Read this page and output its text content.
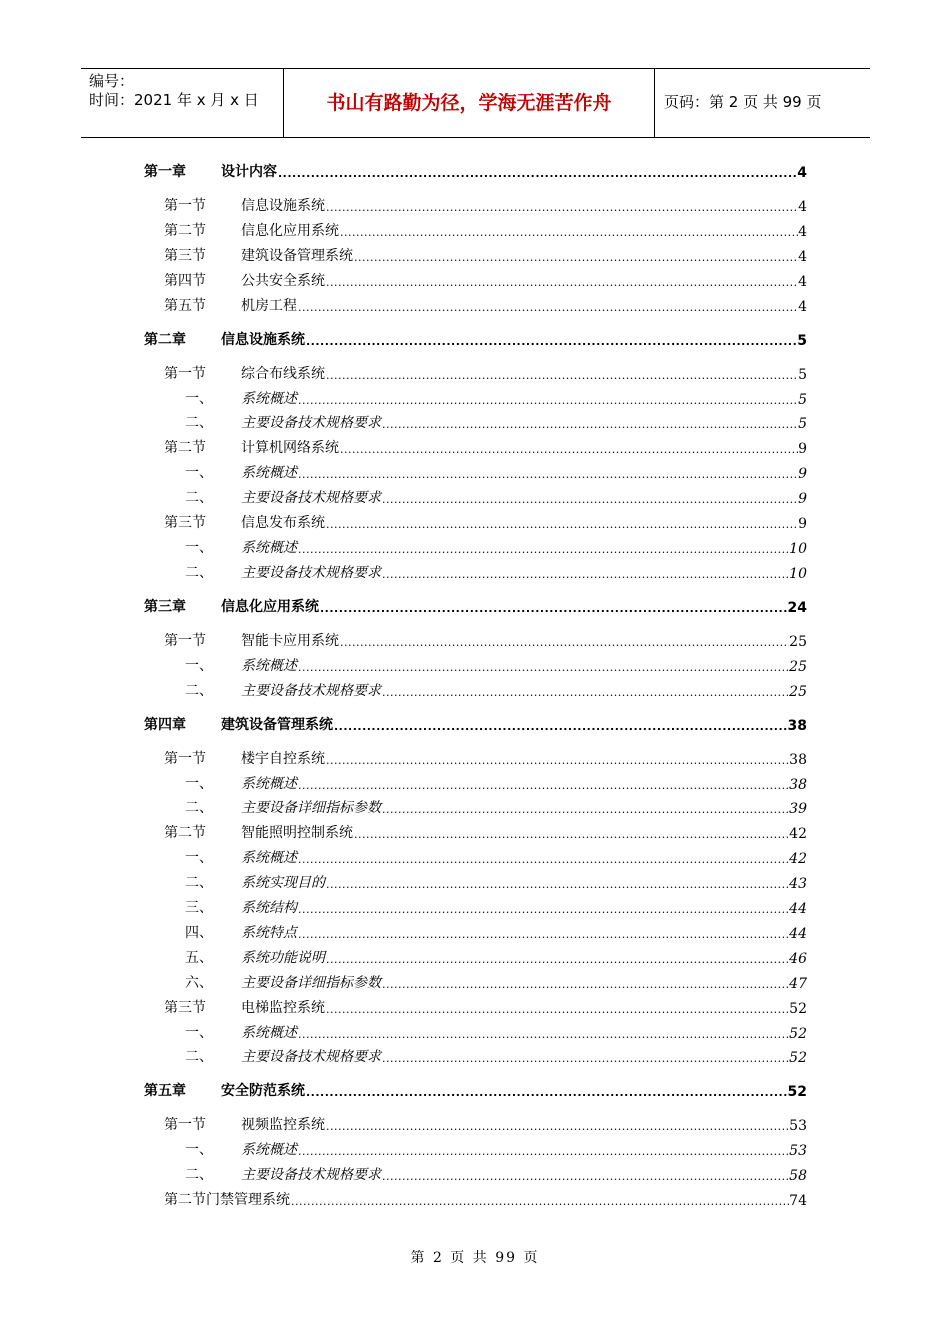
编号：
时间：2021 年 x 月 x 日	书山有路勤为径，学海无涯苦作舟	页码：第 2 页 共 99 页
第一章	设计内容 .....	4
第一节	信息设施系统 .....	4
第二节	信息化应用系统 .....	4
第三节	建筑设备管理系统 .....	4
第四节	公共安全系统 .....	4
第五节	机房工程 .....	4
第二章	信息设施系统 .....	5
第一节	综合布线系统 .....	5
一、	系统概述 .....	5
二、	主要设备技术规格要求 .....	5
第二节	计算机网络系统 .....	9
一、	系统概述 .....	9
二、	主要设备技术规格要求 .....	9
第三节	信息发布系统 .....	9
一、	系统概述 .....	10
二、	主要设备技术规格要求 .....	10
第三章	信息化应用系统 .....	24
第一节	智能卡应用系统 .....	25
一、	系统概述 .....	25
二、	主要设备技术规格要求 .....	25
第四章	建筑设备管理系统 .....	38
第一节	楼宇自控系统 .....	38
一、	系统概述 .....	38
二、	主要设备详细指标参数 .....	39
第二节	智能照明控制系统 .....	42
一、	系统概述 .....	42
二、	系统实现目的 .....	43
三、	系统结构 .....	44
四、	系统特点 .....	44
五、	系统功能说明 .....	46
六、	主要设备详细指标参数 .....	47
第三节	电梯监控系统 .....	52
一、	系统概述 .....	52
二、	主要设备技术规格要求 .....	52
第五章	安全防范系统 .....	52
第一节	视频监控系统 .....	53
一、	系统概述 .....	53
二、	主要设备技术规格要求 .....	58
第二节门禁管理系统 .....	74
第 2 页 共 99 页
